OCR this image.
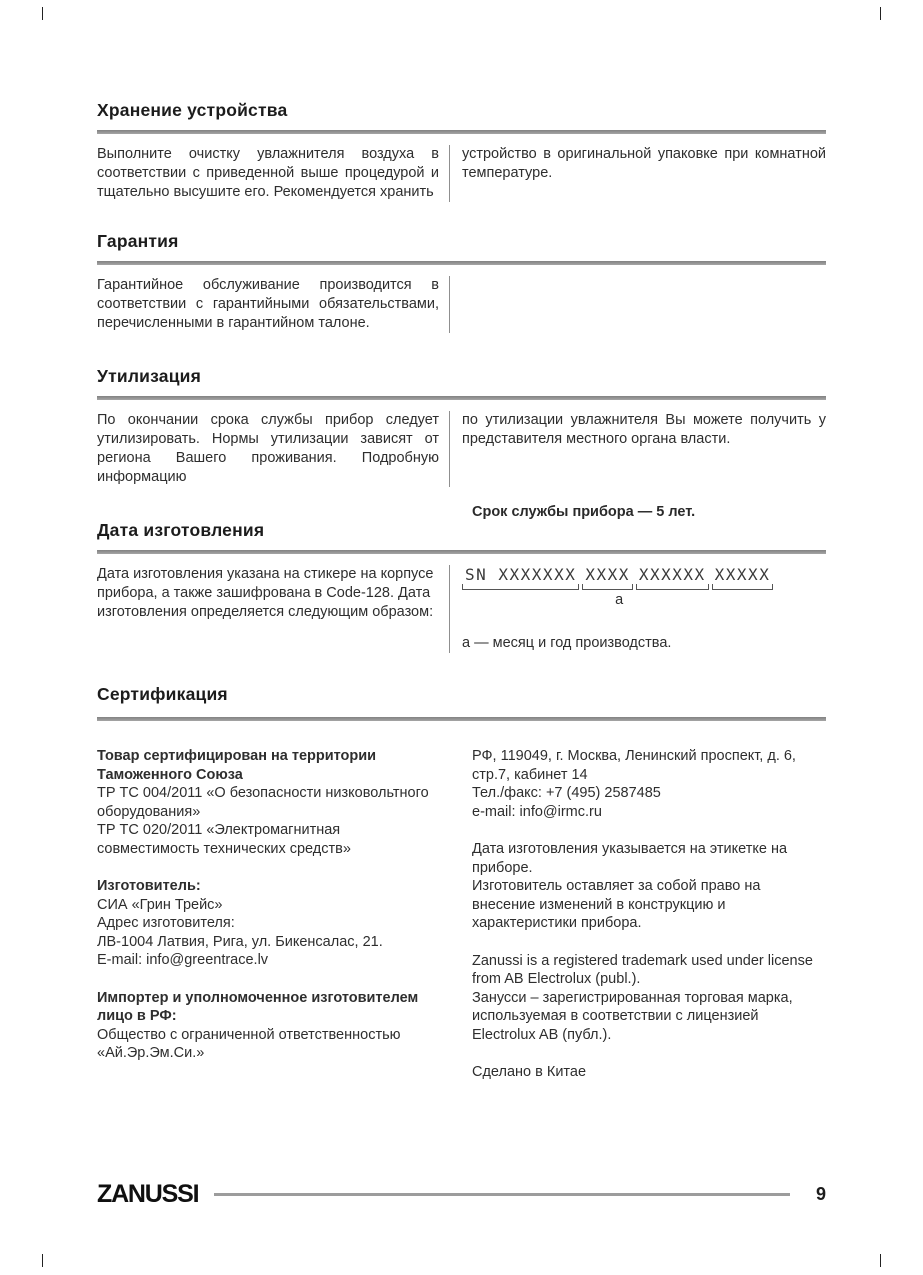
Хранение устройства

Выполните очистку увлажнителя воздуха в соответствии с приведенной выше процедурой и тщательно высушите его. Рекомендуется хранить

устройство в оригинальной упаковке при комнатной температуре.

Гарантия

Гарантийное обслуживание производится в соответствии с гарантийными обязательствами, перечисленными в гарантийном талоне.

Утилизация

По окончании срока службы прибор следует утилизировать. Нормы утилизации зависят от региона Вашего проживания. Подробную информацию

по утилизации увлажнителя Вы можете получить у представителя местного органа власти.

Срок службы прибора — 5 лет.

Дата изготовления

Дата изготовления указана на стикере на корпусе прибора, а также зашифрована в Code-128. Дата изготовления определяется следующим образом:

SN XXXXXXX XXXX XXXXXX XXXXX
а

а — месяц и год производства.

Сертификация

Товар сертифицирован на территории Таможенного Союза

ТР ТС 004/2011 «О безопасности низковольтного оборудования»

ТР ТС 020/2011 «Электромагнитная совместимость технических средств»

Изготовитель:

СИА «Грин Трейс»

Адрес изготовителя:

ЛВ-1004 Латвия, Рига, ул. Бикенсалас, 21.

E-mail: info@greentrace.lv

Импортер и уполномоченное изготовителем лицо в РФ:

Общество с ограниченной ответственностью «Ай.Эр.Эм.Си.»

РФ, 119049, г. Москва, Ленинский проспект, д. 6, стр.7, кабинет 14

Тел./факс: +7 (495) 2587485

e-mail: info@irmc.ru

Дата изготовления указывается на этикетке на приборе.

Изготовитель оставляет за собой право на внесение изменений в конструкцию и характеристики прибора.

Zanussi is a registered trademark used under license from AB Electrolux (publ.).

Занусси – зарегистрированная торговая марка, используемая в соответствии с лицензией Electrolux AB (публ.).

Сделано в Китае

ZANUSSI	9
